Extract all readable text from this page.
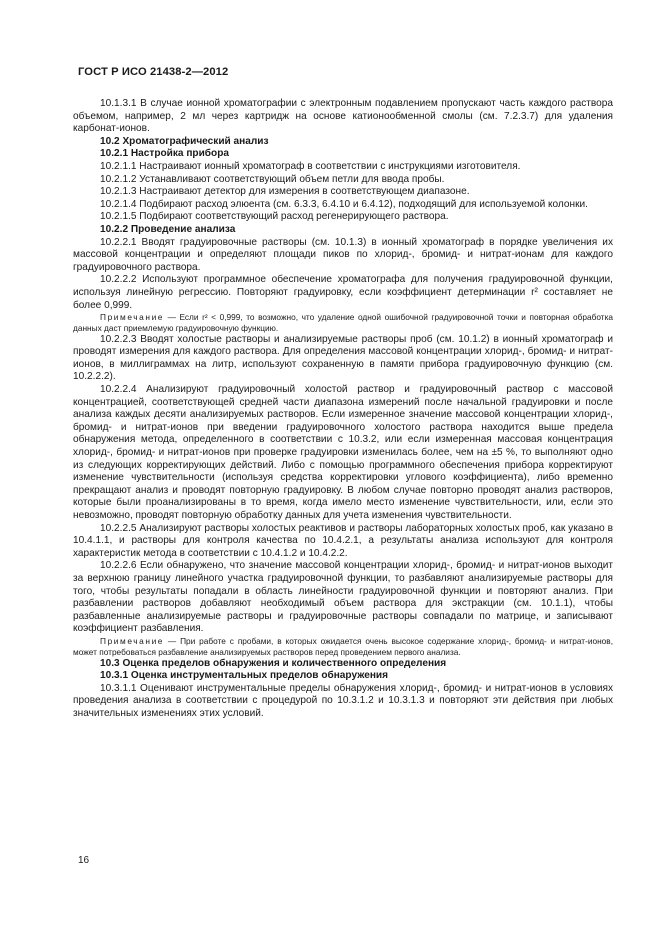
ГОСТ Р ИСО 21438-2—2012

10.1.3.1 В случае ионной хроматографии с электронным подавлением пропускают часть каждого раствора объемом, например, 2 мл через картридж на основе катионообменной смолы (см. 7.2.3.7) для удаления карбонат-ионов.

10.2 Хроматографический анализ

10.2.1 Настройка прибора

10.2.1.1 Настраивают ионный хроматограф в соответствии с инструкциями изготовителя.

10.2.1.2 Устанавливают соответствующий объем петли для ввода пробы.

10.2.1.3 Настраивают детектор для измерения в соответствующем диапазоне.

10.2.1.4 Подбирают расход элюента (см. 6.3.3, 6.4.10 и 6.4.12), подходящий для используемой колонки.

10.2.1.5 Подбирают соответствующий расход регенерирующего раствора.

10.2.2 Проведение анализа

10.2.2.1 Вводят градуировочные растворы (см. 10.1.3) в ионный хроматограф в порядке увеличения их массовой концентрации и определяют площади пиков по хлорид-, бромид- и нитрат-ионам для каждого градуировочного раствора.

10.2.2.2 Используют программное обеспечение хроматографа для получения градуировочной функции, используя линейную регрессию. Повторяют градуировку, если коэффициент детерминации r² составляет не более 0,999.

Примечание — Если r² < 0,999, то возможно, что удаление одной ошибочной градуировочной точки и повторная обработка данных даст приемлемую градуировочную функцию.

10.2.2.3 Вводят холостые растворы и анализируемые растворы проб (см. 10.1.2) в ионный хроматограф и проводят измерения для каждого раствора. Для определения массовой концентрации хлорид-, бромид- и нитрат-ионов, в миллиграммах на литр, используют сохраненную в памяти прибора градуировочную функцию (см. 10.2.2.2).

10.2.2.4 Анализируют градуировочный холостой раствор и градуировочный раствор с массовой концентрацией, соответствующей средней части диапазона измерений после начальной градуировки и после анализа каждых десяти анализируемых растворов. Если измеренное значение массовой концентрации хлорид-, бромид- и нитрат-ионов при введении градуировочного холостого раствора находится выше предела обнаружения метода, определенного в соответствии с 10.3.2, или если измеренная массовая концентрация хлорид-, бромид- и нитрат-ионов при проверке градуировки изменилась более, чем на ±5 %, то выполняют одно из следующих корректирующих действий. Либо с помощью программного обеспечения прибора корректируют изменение чувствительности (используя средства корректировки углового коэффициента), либо временно прекращают анализ и проводят повторную градуировку. В любом случае повторно проводят анализ растворов, которые были проанализированы в то время, когда имело место изменение чувствительности, или, если это невозможно, проводят повторную обработку данных для учета изменения чувствительности.

10.2.2.5 Анализируют растворы холостых реактивов и растворы лабораторных холостых проб, как указано в 10.4.1.1, и растворы для контроля качества по 10.4.2.1, а результаты анализа используют для контроля характеристик метода в соответствии с 10.4.1.2 и 10.4.2.2.

10.2.2.6 Если обнаружено, что значение массовой концентрации хлорид-, бромид- и нитрат-ионов выходит за верхнюю границу линейного участка градуировочной функции, то разбавляют анализируемые растворы для того, чтобы результаты попадали в область линейности градуировочной функции и повторяют анализ. При разбавлении растворов добавляют необходимый объем раствора для экстракции (см. 10.1.1), чтобы разбавленные анализируемые растворы и градуировочные растворы совпадали по матрице, и записывают коэффициент разбавления.

Примечание — При работе с пробами, в которых ожидается очень высокое содержание хлорид-, бромид- и нитрат-ионов, может потребоваться разбавление анализируемых растворов перед проведением первого анализа.

10.3 Оценка пределов обнаружения и количественного определения

10.3.1 Оценка инструментальных пределов обнаружения

10.3.1.1 Оценивают инструментальные пределы обнаружения хлорид-, бромид- и нитрат-ионов в условиях проведения анализа в соответствии с процедурой по 10.3.1.2 и 10.3.1.3 и повторяют эти действия при любых значительных изменениях этих условий.

16
